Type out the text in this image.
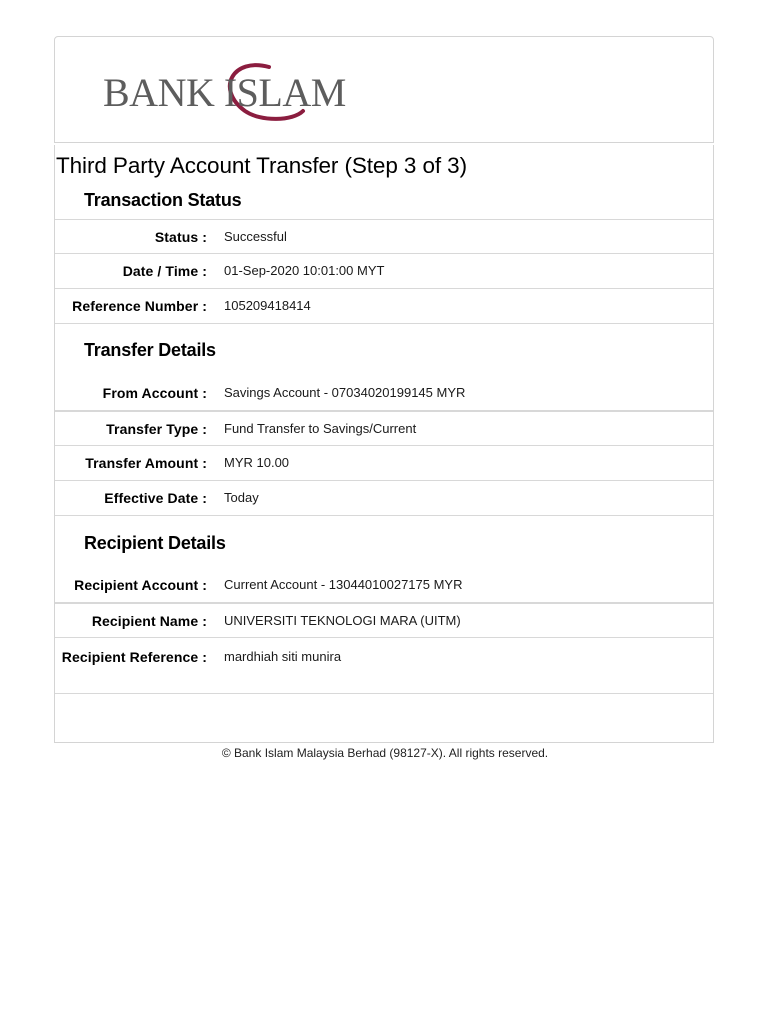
BANK ISLAM
Third Party Account Transfer (Step 3 of 3)
Transaction Status
Status : Successful
Date / Time : 01-Sep-2020 10:01:00 MYT
Reference Number : 105209418414
Transfer Details
From Account : Savings Account - 07034020199145 MYR
Transfer Type : Fund Transfer to Savings/Current
Transfer Amount : MYR 10.00
Effective Date : Today
Recipient Details
Recipient Account : Current Account - 13044010027175 MYR
Recipient Name : UNIVERSITI TEKNOLOGI MARA (UITM)
Recipient Reference : mardhiah siti munira
© Bank Islam Malaysia Berhad (98127-X). All rights reserved.
